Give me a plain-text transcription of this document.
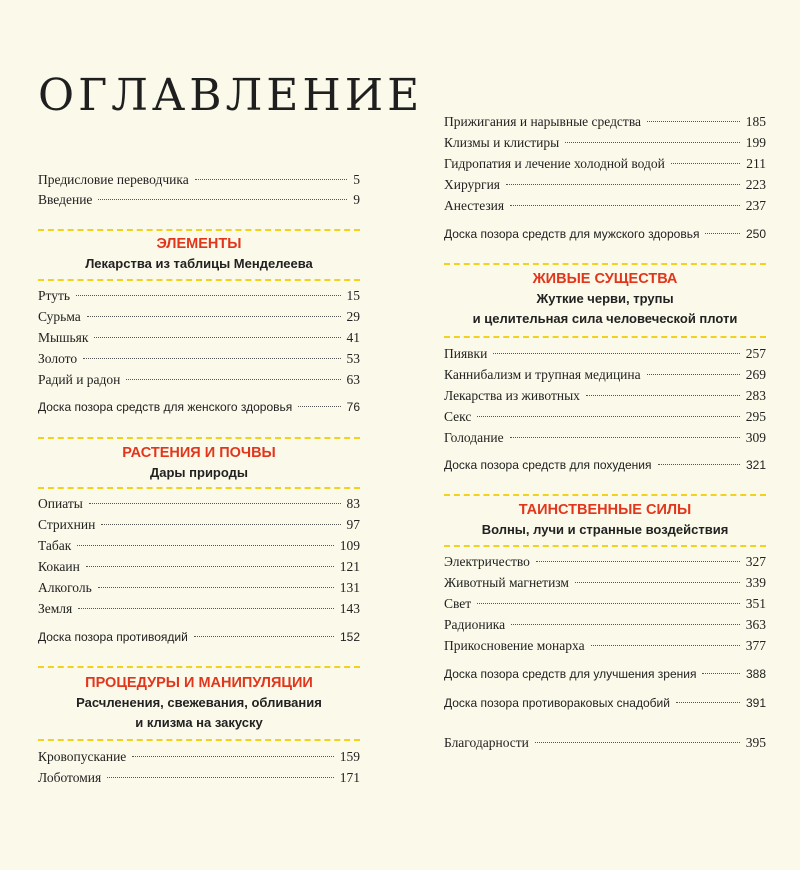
ОГЛАВЛЕНИЕ
Предисловие переводчика	5
Введение	9
ЭЛЕМЕНТЫ
Лекарства из таблицы Менделеева
Ртуть	15
Сурьма	29
Мышьяк	41
Золото	53
Радий и радон	63
Доска позора средств для женского здоровья	76
РАСТЕНИЯ И ПОЧВЫ
Дары природы
Опиаты	83
Стрихнин	97
Табак	109
Кокаин	121
Алкоголь	131
Земля	143
Доска позора противоядий	152
ПРОЦЕДУРЫ И МАНИПУЛЯЦИИ
Расчленения, свежевания, обливания
и клизма на закуску
Кровопускание	159
Лоботомия	171
Прижигания и нарывные средства	185
Клизмы и клистиры	199
Гидропатия и лечение холодной водой	211
Хирургия	223
Анестезия	237
Доска позора средств для мужского здоровья	250
ЖИВЫЕ СУЩЕСТВА
Жуткие черви, трупы
и целительная сила человеческой плоти
Пиявки	257
Каннибализм и трупная медицина	269
Лекарства из животных	283
Секс	295
Голодание	309
Доска позора средств для похудения	321
ТАИНСТВЕННЫЕ СИЛЫ
Волны, лучи и странные воздействия
Электричество	327
Животный магнетизм	339
Свет	351
Радионика	363
Прикосновение монарха	377
Доска позора средств для улучшения зрения	388
Доска позора противораковых снадобий	391
Благодарности	395
